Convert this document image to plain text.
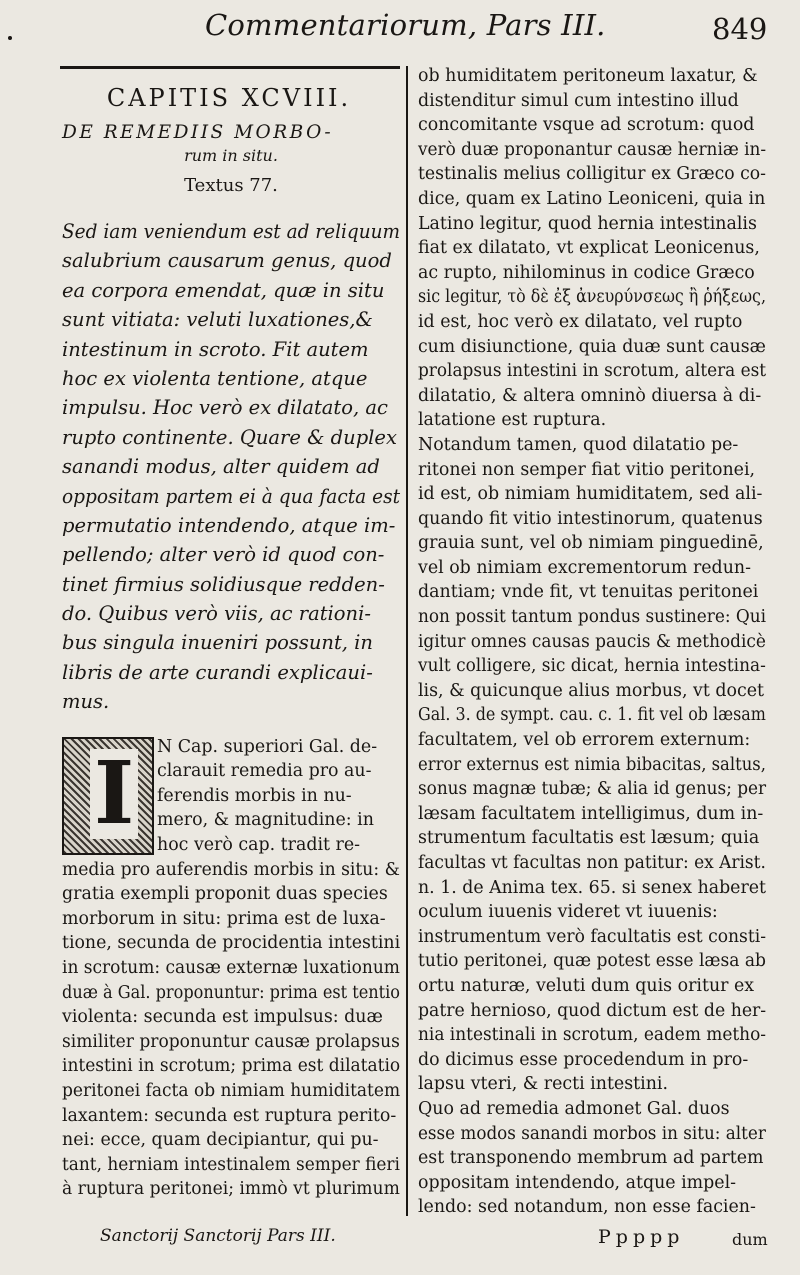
Commentariorum, Pars III.	849
CAPITIS XCVIII.
DE REMEDIIS MORBO-
rum in situ.
Textus 77.
Sed iam veniendum est ad reliquum
salubrium causarum genus, quod
ea corpora emendat, quæ in situ
sunt vitiata: veluti luxationes,&
intestinum in scroto. Fit autem
hoc ex violenta tentione, atque
impulsu. Hoc verò ex dilatato, ac
rupto continente. Quare & duplex
sanandi modus, alter quidem ad
oppositam partem ei à qua facta est
permutatio intendendo, atque im-
pellendo; alter verò id quod con-
tinet firmius solidiusque redden-
do. Quibus verò viis, ac rationi-
bus singula inueniri possunt, in
libris de arte curandi explicaui-
mus.
I	N Cap. superiori Gal. de-
clarauit remedia pro au-
ferendis morbis in nu-
mero, & magnitudine: in
hoc verò cap. tradit re-
media pro auferendis morbis in situ: &
gratia exempli proponit duas species
morborum in situ: prima est de luxa-
tione, secunda de procidentia intestini
in scrotum: causæ externæ luxationum
duæ à Gal. proponuntur: prima est tentio
violenta: secunda est impulsus: duæ
similiter proponuntur causæ prolapsus
intestini in scrotum; prima est dilatatio
peritonei facta ob nimiam humiditatem
laxantem: secunda est ruptura perito-
nei: ecce, quam decipiantur, qui pu-
tant, herniam intestinalem semper fieri
à ruptura peritonei; immò vt plurimum
ob humiditatem peritoneum laxatur, &
distenditur simul cum intestino illud
concomitante vsque ad scrotum: quod
verò duæ proponantur causæ herniæ in-
testinalis melius colligitur ex Græco co-
dice, quam ex Latino Leoniceni, quia in
Latino legitur, quod hernia intestinalis
fiat ex dilatato, vt explicat Leonicenus,
ac rupto, nihilominus in codice Græco
sic legitur, τὸ δὲ ἐξ ἀνευρύνσεως ἢ ῥήξεως,
id est, hoc verò ex dilatato, vel rupto
cum disiunctione, quia duæ sunt causæ
prolapsus intestini in scrotum, altera est
dilatatio, & altera omninò diuersa à di-
latatione est ruptura.
Notandum tamen, quod dilatatio pe-
ritonei non semper fiat vitio peritonei,
id est, ob nimiam humiditatem, sed ali-
quando fit vitio intestinorum, quatenus
grauia sunt, vel ob nimiam pinguedinē,
vel ob nimiam excrementorum redun-
dantiam; vnde fit, vt tenuitas peritonei
non possit tantum pondus sustinere: Qui
igitur omnes causas paucis & methodicè
vult colligere, sic dicat, hernia intestina-
lis, & quicunque alius morbus, vt docet
Gal. 3. de sympt. cau. c. 1. fit vel ob læsam
facultatem, vel ob errorem externum:
error externus est nimia bibacitas, saltus,
sonus magnæ tubæ; & alia id genus; per
læsam facultatem intelligimus, dum in-
strumentum facultatis est læsum; quia
facultas vt facultas non patitur: ex Arist.
n. 1. de Anima tex. 65. si senex haberet
oculum iuuenis videret vt iuuenis:
instrumentum verò facultatis est consti-
tutio peritonei, quæ potest esse læsa ab
ortu naturæ, veluti dum quis oritur ex
patre herniosо, quod dictum est de her-
nia intestinali in scrotum, eadem metho-
do dicimus esse procedendum in pro-
lapsu vteri, & recti intestini.
Quo ad remedia admonet Gal. duos
esse modos sanandi morbos in situ: alter
est transponendo membrum ad partem
oppositam intendendo, atque impel-
lendo: sed notandum, non esse facien-
Sanctorij Sanctorij Pars III.	Ppppp	dum
